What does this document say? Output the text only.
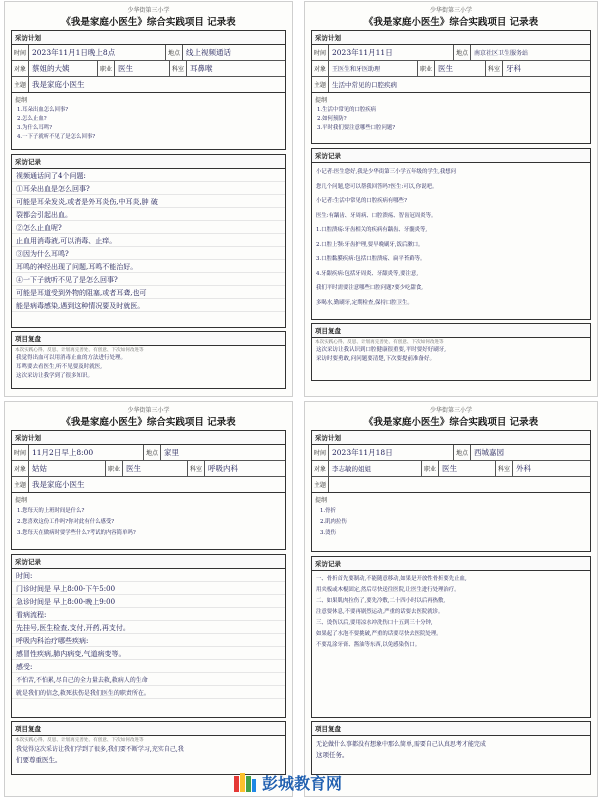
少华街第三小学
《我是家庭小医生》综合实践项目 记录表
采访计划
时间 2023年11月1日晚上8点	地点 线上视频通话
对象 蔡姐的大姨	职业 医生	科室 耳鼻喉
主题 我是家庭小医生
提纲
1.耳朵出血怎么回事?
2.怎么止血?
3.为什么耳鸣?
4.一下子就听不见了是怎么回事?
采访记录
视频通话问了4个问题:
①耳朵出血是怎么回事?
可能是耳朵发炎,或者是外耳炎伤,中耳炎,肿 破
裂都会引起出血。
②怎么止血呢?
止血用消毒液,可以消毒、止痒。
③因为什么耳鸣?
耳鸣的神经出现了问题,耳鸣不能治好。
④一下子就听不见了是怎么回事?
可能是耳道受到外物的阻塞,或者耳聋,也可
能是病毒感染,遇到这种情况要及时就医。
项目复盘
本次实践心得、反思、计划再完善处、有创意、下次如何改进等
我觉得出血可以用消毒止血的方法进行处理。
耳鸣要去看医生,听不见要及时就医,
这次采访让我学到了很多知识。
少华街第三小学
《我是家庭小医生》综合实践项目 记录表
采访计划
时间 2023年11月11日	地点	南京社区卫生服务站
对象	王医生和牙医助理	职业 医生	科室 牙科
主题 生活中常见的口腔疾病
提纲
1.生活中常见的口腔疾病
2.如何预防?
3.平时我们要注意哪些口腔问题?
采访记录
小记者:医生您好,我是少华街第三小学五年级的学生,我想问
您几个问题,您可以帮我回答吗?医生:可以,你说吧。
小记者:生活中常见的口腔疾病有哪些?
医生:有龋齿、牙周病、口腔溃疡、智齿冠周炎等。
1.口腔溃疡:牙齿相关的疾病有龋齿、牙髓炎等,
2.口腔上颚:牙齿护理,要早晚刷牙,饭后漱口。
3.口腔黏膜疾病:包括口腔溃疡、扁平苔藓等。
4.牙龈疾病:包括牙周炎、牙龈炎等,要注意,
我们平时需要注意哪些口腔问题?要少吃甜食,
多喝水,勤刷牙,定期检查,保持口腔卫生。
项目复盘
本次实践心得、反思、计划再完善处、有创意、下次如何改进等
这次采访让我认识到口腔健康很重要,平时要好好刷牙,
采访时要勇敢,问问题要清楚,下次要提前准备好。
少华街第三小学
《我是家庭小医生》综合实践项目 记录表
采访计划
时间 11月2日早上8:00	地点 家里
对象 姑姑	职业 医生	科室 呼吸内科
主题 我是家庭小医生
提纲
1.您每天的上班时间是什么?
2.您喜欢这份工作吗?你对此有什么感受?
3.您每天在做病时要学些什么?考试的内容简单吗?
采访记录
时间:
门诊时间是 早上8:00-下午5:00
急诊时间是 早上8:00-晚上9:00
看病流程:
先挂号,医生检查,支付,开药,再支付。
呼吸内科治疗哪些疾病:
感冒性疾病,肺内病变,气道病变等。
感受:
不怕苦,不怕累,尽自己的全力量去救,救病人的生命
就是我们的信念,救死扶伤是我们医生的职责所在。
项目复盘
本次实践心得、反思、计划再完善处、有创意、下次如何改进等
我觉得这次采访让我们学到了很多,我们要不断学习,充实自己,我
们要尊重医生。
少华街第三小学
《我是家庭小医生》综合实践项目 记录表
采访计划
时间 2023年11月18日	地点 西城嘉园
对象 李志敏的姐姐	职业 医生	科室 外科
主题
提纲
1.骨折
2.肌肉拉伤
3.烫伤
采访记录
一、骨折首先要制动,不能随意移动,如果是开放性骨折要先止血,
用夹板或木棍固定,然后尽快送往医院,让医生进行处理治疗。
二、如果肌肉拉伤了,要先冷敷,二十四小时以后再热敷,
注意要休息,不要再剧烈运动,严重的话要去医院就诊。
三、烫伤以后,要用凉水冲洗伤口十五到三十分钟,
如果起了水泡不要挑破,严重的话要尽快去医院处理。
不要乱涂牙膏、酱油等东西,以免感染伤口。
项目复盘
无论做什么事都没有想象中那么简单,需要自己认真思考才能完成
这项任务。
彭城教育网
